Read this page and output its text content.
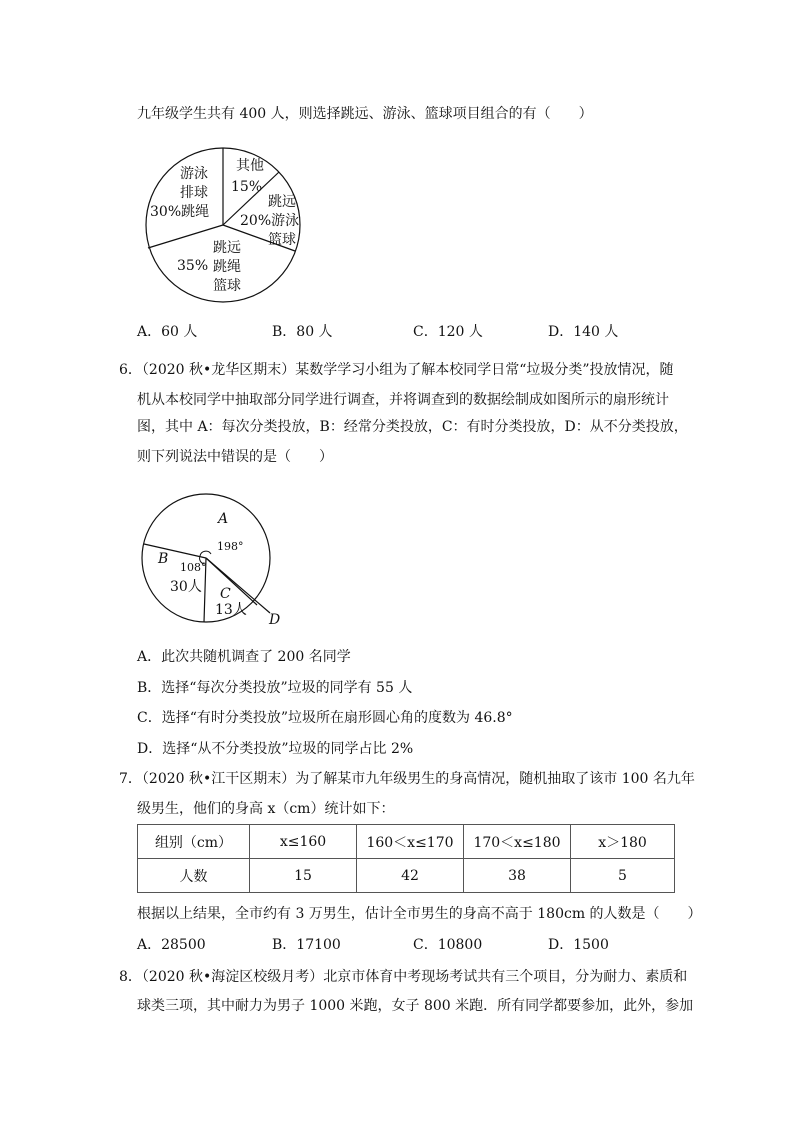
九年级学生共有 400 人，则选择跳远、游泳、篮球项目组合的有（　　）
游泳
排球
30%跳绳
其他
15%
跳远
20%游泳
篮球
跳远
跳绳
篮球
35%
A．60 人	B．80 人	C．120 人	D．140 人
6．（2020 秋•龙华区期末）某数学学习小组为了解本校同学日常“垃圾分类”投放情况，随
机从本校同学中抽取部分同学进行调查，并将调查到的数据绘制成如图所示的扇形统计
图，其中 A：每次分类投放，B：经常分类投放，C：有时分类投放，D：从不分类投放，
则下列说法中错误的是（　　）
A
198°
B
108°
30人 C
13人
D
A．此次共随机调查了 200 名同学
B．选择“每次分类投放”垃圾的同学有 55 人
C．选择“有时分类投放”垃圾所在扇形圆心角的度数为 46.8°
D．选择“从不分类投放”垃圾的同学占比 2%
7．（2020 秋•江干区期末）为了解某市九年级男生的身高情况，随机抽取了该市 100 名九年
级男生，他们的身高 x（cm）统计如下：
组别（cm）	x≤160	160＜x≤170	170＜x≤180	x＞180
人数	15	42	38	5
根据以上结果，全市约有 3 万男生，估计全市男生的身高不高于 180cm 的人数是（　　）
A．28500	B．17100	C．10800	D．1500
8．（2020 秋•海淀区校级月考）北京市体育中考现场考试共有三个项目，分为耐力、素质和
球类三项，其中耐力为男子 1000 米跑，女子 800 米跑．所有同学都要参加，此外，参加
